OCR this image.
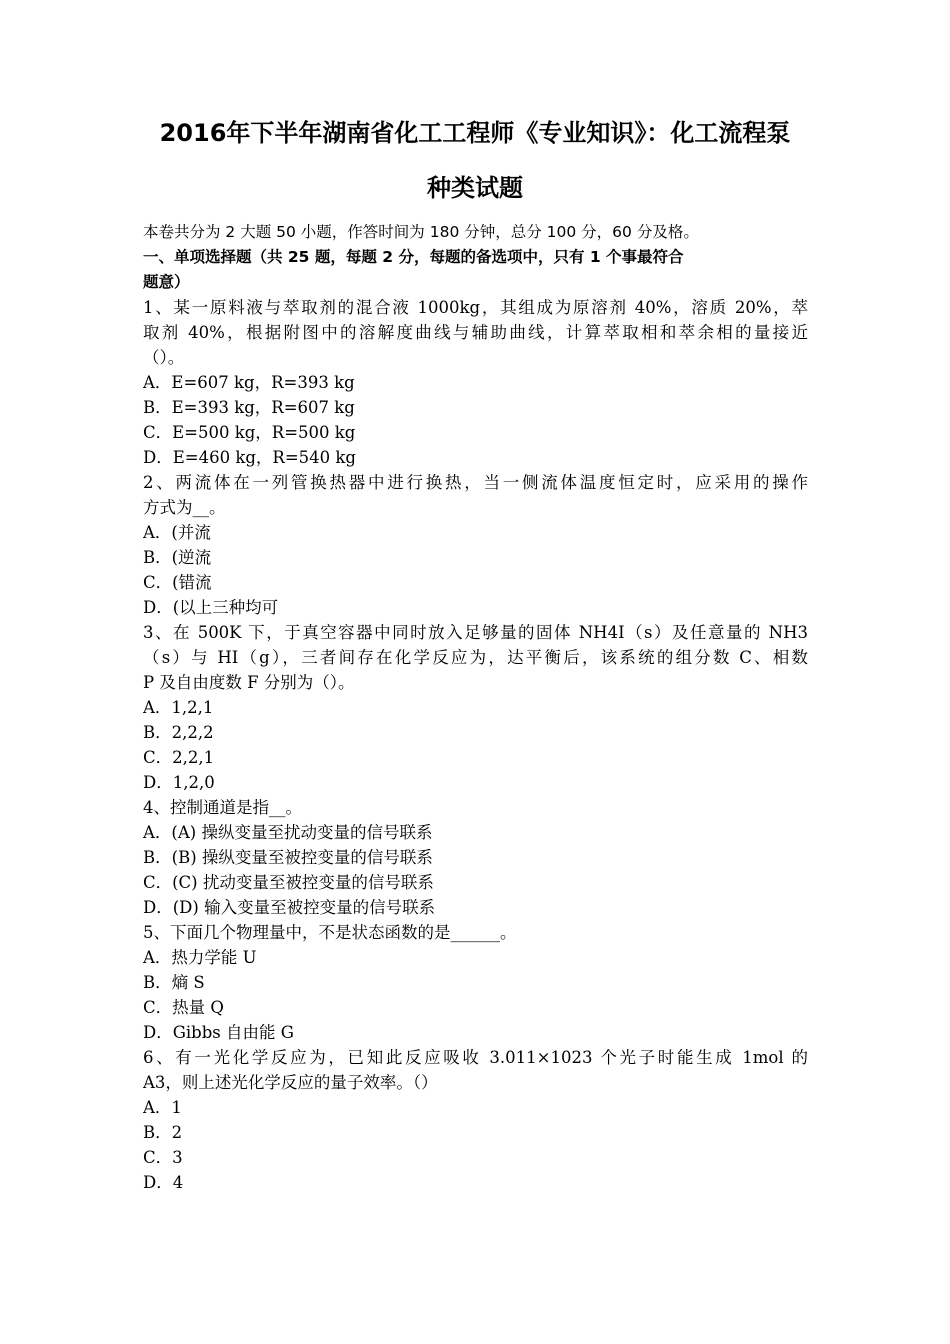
2016年下半年湖南省化工工程师《专业知识》：化工流程泵
种类试题
本卷共分为 2 大题 50 小题，作答时间为 180 分钟，总分 100 分，60 分及格。
一、单项选择题（共 25 题，每题 2 分，每题的备选项中，只有 1 个事最符合
题意）
1、某一原料液与萃取剂的混合液 1000kg，其组成为原溶剂 40%，溶质 20%，萃
取剂 40%，根据附图中的溶解度曲线与辅助曲线，计算萃取相和萃余相的量接近
（）。
A．E=607 kg，R=393 kg
B．E=393 kg，R=607 kg
C．E=500 kg，R=500 kg
D．E=460 kg，R=540 kg
2、两流体在一列管换热器中进行换热，当一侧流体温度恒定时，应采用的操作
方式为__。
A．(并流
B．(逆流
C．(错流
D．(以上三种均可
3、在 500K 下，于真空容器中同时放入足够量的固体 NH4I（s）及任意量的 NH3
（s）与 HI（g），三者间存在化学反应为，达平衡后，该系统的组分数 C、相数
P 及自由度数 F 分别为（）。
A．1,2,1
B．2,2,2
C．2,2,1
D．1,2,0
4、控制通道是指__。
A．(A) 操纵变量至扰动变量的信号联系
B．(B) 操纵变量至被控变量的信号联系
C．(C) 扰动变量至被控变量的信号联系
D．(D) 输入变量至被控变量的信号联系
5、下面几个物理量中，不是状态函数的是______。
A．热力学能 U
B．熵 S
C．热量 Q
D．Gibbs 自由能 G
6、有一光化学反应为，已知此反应吸收 3.011×1023 个光子时能生成 1mol 的
A3，则上述光化学反应的量子效率。（）
A．1
B．2
C．3
D．4
